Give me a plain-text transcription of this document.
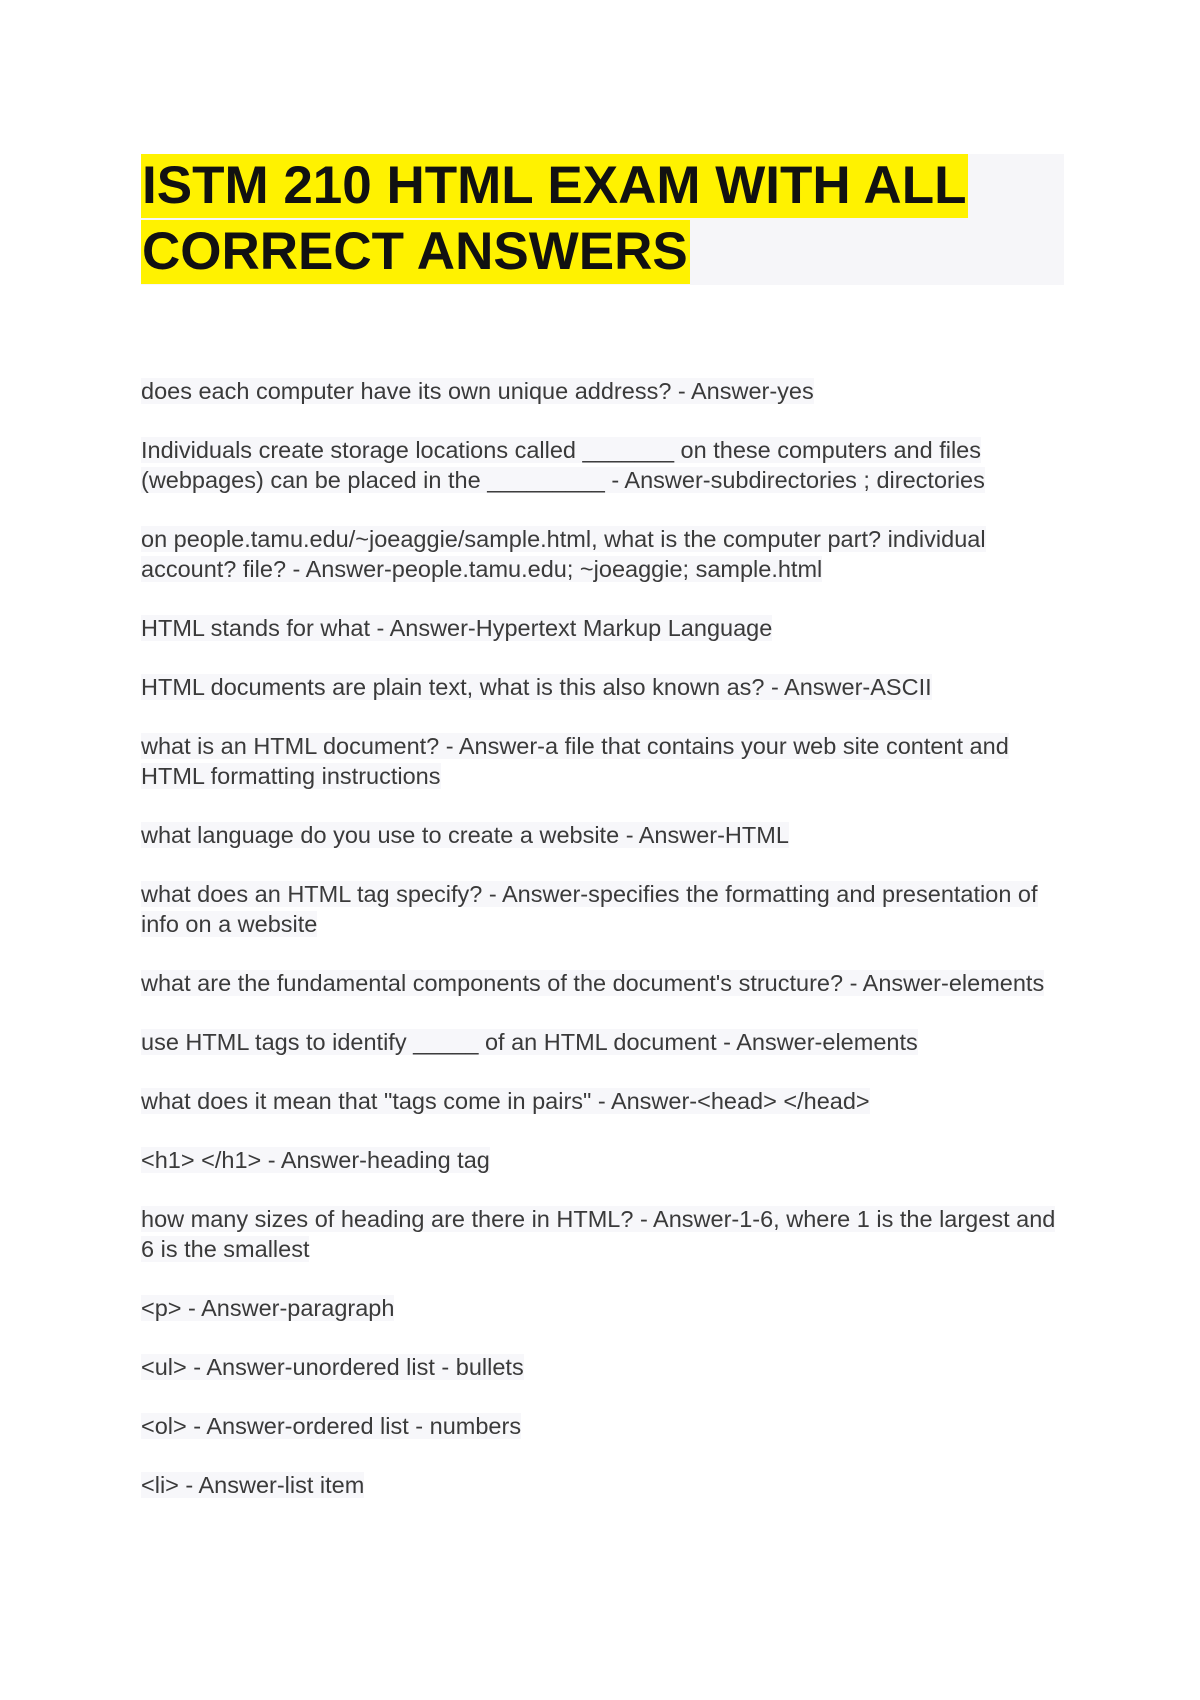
ISTM 210 HTML EXAM WITH ALL
CORRECT ANSWERS
does each computer have its own unique address? - Answer-yes
Individuals create storage locations called _______ on these computers and files (webpages) can be placed in the _________ - Answer-subdirectories ; directories
on people.tamu.edu/~joeaggie/sample.html, what is the computer part? individual account? file? - Answer-people.tamu.edu; ~joeaggie; sample.html
HTML stands for what - Answer-Hypertext Markup Language
HTML documents are plain text, what is this also known as? - Answer-ASCII
what is an HTML document? - Answer-a file that contains your web site content and HTML formatting instructions
what language do you use to create a website - Answer-HTML
what does an HTML tag specify? - Answer-specifies the formatting and presentation of info on a website
what are the fundamental components of the document's structure? - Answer-elements
use HTML tags to identify _____ of an HTML document - Answer-elements
what does it mean that "tags come in pairs" - Answer-<head> </head>
<h1> </h1> - Answer-heading tag
how many sizes of heading are there in HTML? - Answer-1-6, where 1 is the largest and 6 is the smallest
<p> - Answer-paragraph
<ul> - Answer-unordered list - bullets
<ol> - Answer-ordered list - numbers
<li> - Answer-list item
